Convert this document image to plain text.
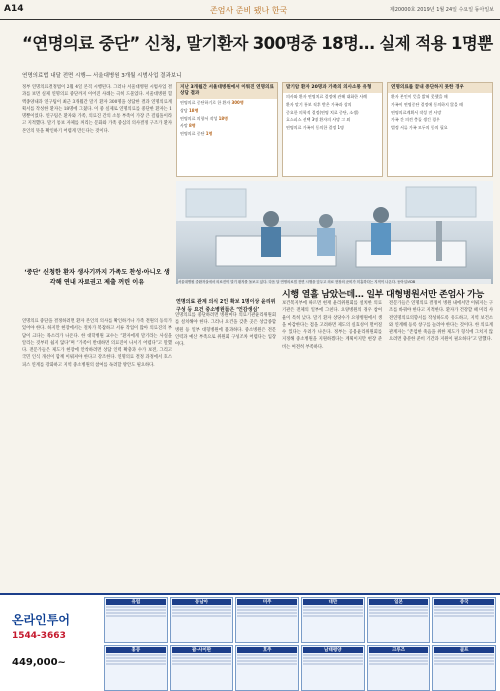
A14	존엄사 준비 됐나 한국	제20000호 2019년 1월 24일 수요일 동아일보
“연명의료 중단” 신청, 말기환자 300명중 18명… 실제 적용 1명뿐
연명의료법 내달 전면 시행― 서울대병원 3개월 시범사업 결과보니
정부 연명의료결정법이 2월 4일 본격 시행된다. 그러나 서울대병원 시범사업 결과를 보면 실제 연명의료 중단까지 이어진 사례는 극히 드물었다. 서울대병원 혈액종양내과 연구팀이 최근 3개월간 말기 환자 300명을 상담한 결과 연명의료계획서를 작성한 환자는 18명에 그쳤다. 이 중 실제로 연명의료를 중단한 환자는 1명뿐이었다. 연구팀은 환자와 가족, 의료진 간의 소통 부족이 가장 큰 걸림돌이라고 지적했다. 말기 통보 자체를 꺼리는 문화와 가족 중심의 의사결정 구조가 환자 본인의 뜻을 확인하기 어렵게 만든다는 것이다.
‘중단’ 신청한 환자 생사기까지 가족도 찬성·아니오 생각해 연내 자료권고 제출 꺼린 이유
연명의료 중단을 결정하려면 환자 본인의 의사를 확인하거나 가족 전원의 동의가 있어야 한다. 하지만 현장에서는 절차가 복잡하고 서류 작업이 많아 의료진의 부담이 크다는 목소리가 나온다. 한 대학병원 교수는 “환자에게 말기라는 사실을 알리는 것부터 쉽지 않다”며 “가족이 반대하면 의료진이 나서기 어렵다”고 말했다. 전문가들은 제도가 현장에 안착하려면 상담 인력 확충과 수가 보전, 그리고 국민 인식 개선이 함께 이뤄져야 한다고 강조한다. 연명의료 결정 과정에서 호스피스 연계를 강화하고 지역 중소병원의 참여를 독려할 방안도 필요하다.
지난 3개월간 서울대병원에서 이뤄진 연명의료 상담 결과
연명의료 중단하기로 한 환자 300명
상담 18명
연명의료 의향서 작성 18명
사망 8명
연명의료 중단 1명
말기암 환자 20명과 가족의 의사소통 유형
의사와 환자 연명치료 결정에 관해 대화한 사례
환자 말기 통보 직후 받은 가족과 상의
중요한 의학적 결정(연명 치료 중단, 소생)
호스피스 선택 3명 환자의 사망 그 외
연명의료 가족이 동의한 결정 1명
연명의료를 끝내 중단하지 못한 경우
환자 본인이 뜻을 밝혀 못했을 때
가족이 연명중단 결정에 동의하지 않을 때
연명의료계획서 작성 전 사망
가족 간 의견 충돌 생긴 경우
법정 서류 가족 모두의 동의 필요
서울대병원 중환자실에서 의료진이 말기 환자를 돌보고 있다. 다음 달 연명의료법 전면 시행을 앞두고 의료 현장의 준비가 미흡하다는 지적이 나온다. 동아일보DB
시행 열흘 남았는데… 일부 대형병원서만 존엄사 가능
연명의료 관계 의식 2인 확보 1명이상 윤리위 구성 등 요건 중소병원들은 ‘언감생심’
연명의료를 중단하려면 병원마다 의료기관윤리위원회를 설치해야 한다. 그러나 요건을 갖춘 곳은 상급종합병원 등 일부 대형병원에 불과하다. 중소병원은 전문 인력과 예산 부족으로 위원회 구성조차 어렵다는 입장이다.
보건복지부에 따르면 현재 윤리위원회를 설치한 의료기관은 전체의 일부에 그친다. 요양병원의 경우 참여율이 특히 낮다. 말기 환자 상당수가 요양병원에서 생을 마감한다는 점을 고려하면 제도의 실효성이 떨어질 수 있다는 우려가 나온다. 정부는 공용윤리위원회를 지정해 중소병원을 지원하겠다는 계획이지만 현장 준비는 여전히 부족하다.
전문가들은 연명의료 결정이 병원 내에서만 이뤄지는 구조를 바꿔야 한다고 지적한다. 환자가 건강할 때 미리 사전연명의료의향서를 작성하도록 유도하고, 지역 보건소와 연계해 등록 창구를 늘려야 한다는 것이다. 한 의료계 관계자는 “존엄한 죽음을 위한 제도가 형식에 그치지 않으려면 충분한 준비 기간과 지원이 필요하다”고 말했다.
온라인투어
1544-3663
449,000~
유럽	동남아	미주	대만	일본	중국
홍콩	괌·사이판	호주	남태평양	크루즈	골프
